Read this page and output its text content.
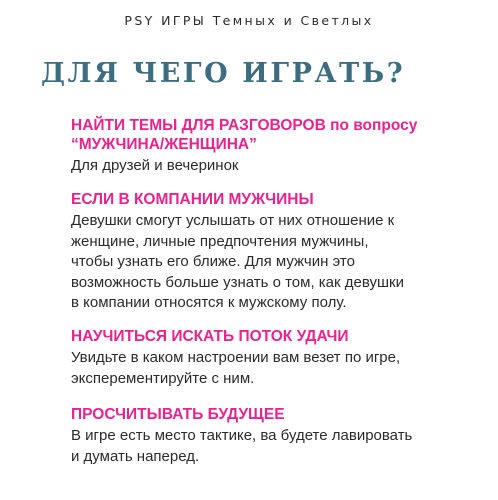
PSY ИГРЫ Темных и Светлых
ДЛЯ ЧЕГО ИГРАТЬ?
НАЙТИ ТЕМЫ ДЛЯ РАЗГОВОРОВ по вопросу
“МУЖЧИНА/ЖЕНЩИНА”
Для друзей и вечеринок
ЕСЛИ В КОМПАНИИ МУЖЧИНЫ
Девушки смогут услышать от них отношение к
женщине, личные предпочтения мужчины,
чтобы узнать его ближе. Для мужчин это
возможность больше узнать о том, как девушки
в компании относятся к мужскому полу.
НАУЧИТЬСЯ ИСКАТЬ ПОТОК УДАЧИ
Увидьте в каком настроении вам везет по игре,
эксперементируйте с ним.
ПРОСЧИТЫВАТЬ БУДУЩЕЕ
В игре есть место тактике, ва будете лавировать
и думать наперед.
